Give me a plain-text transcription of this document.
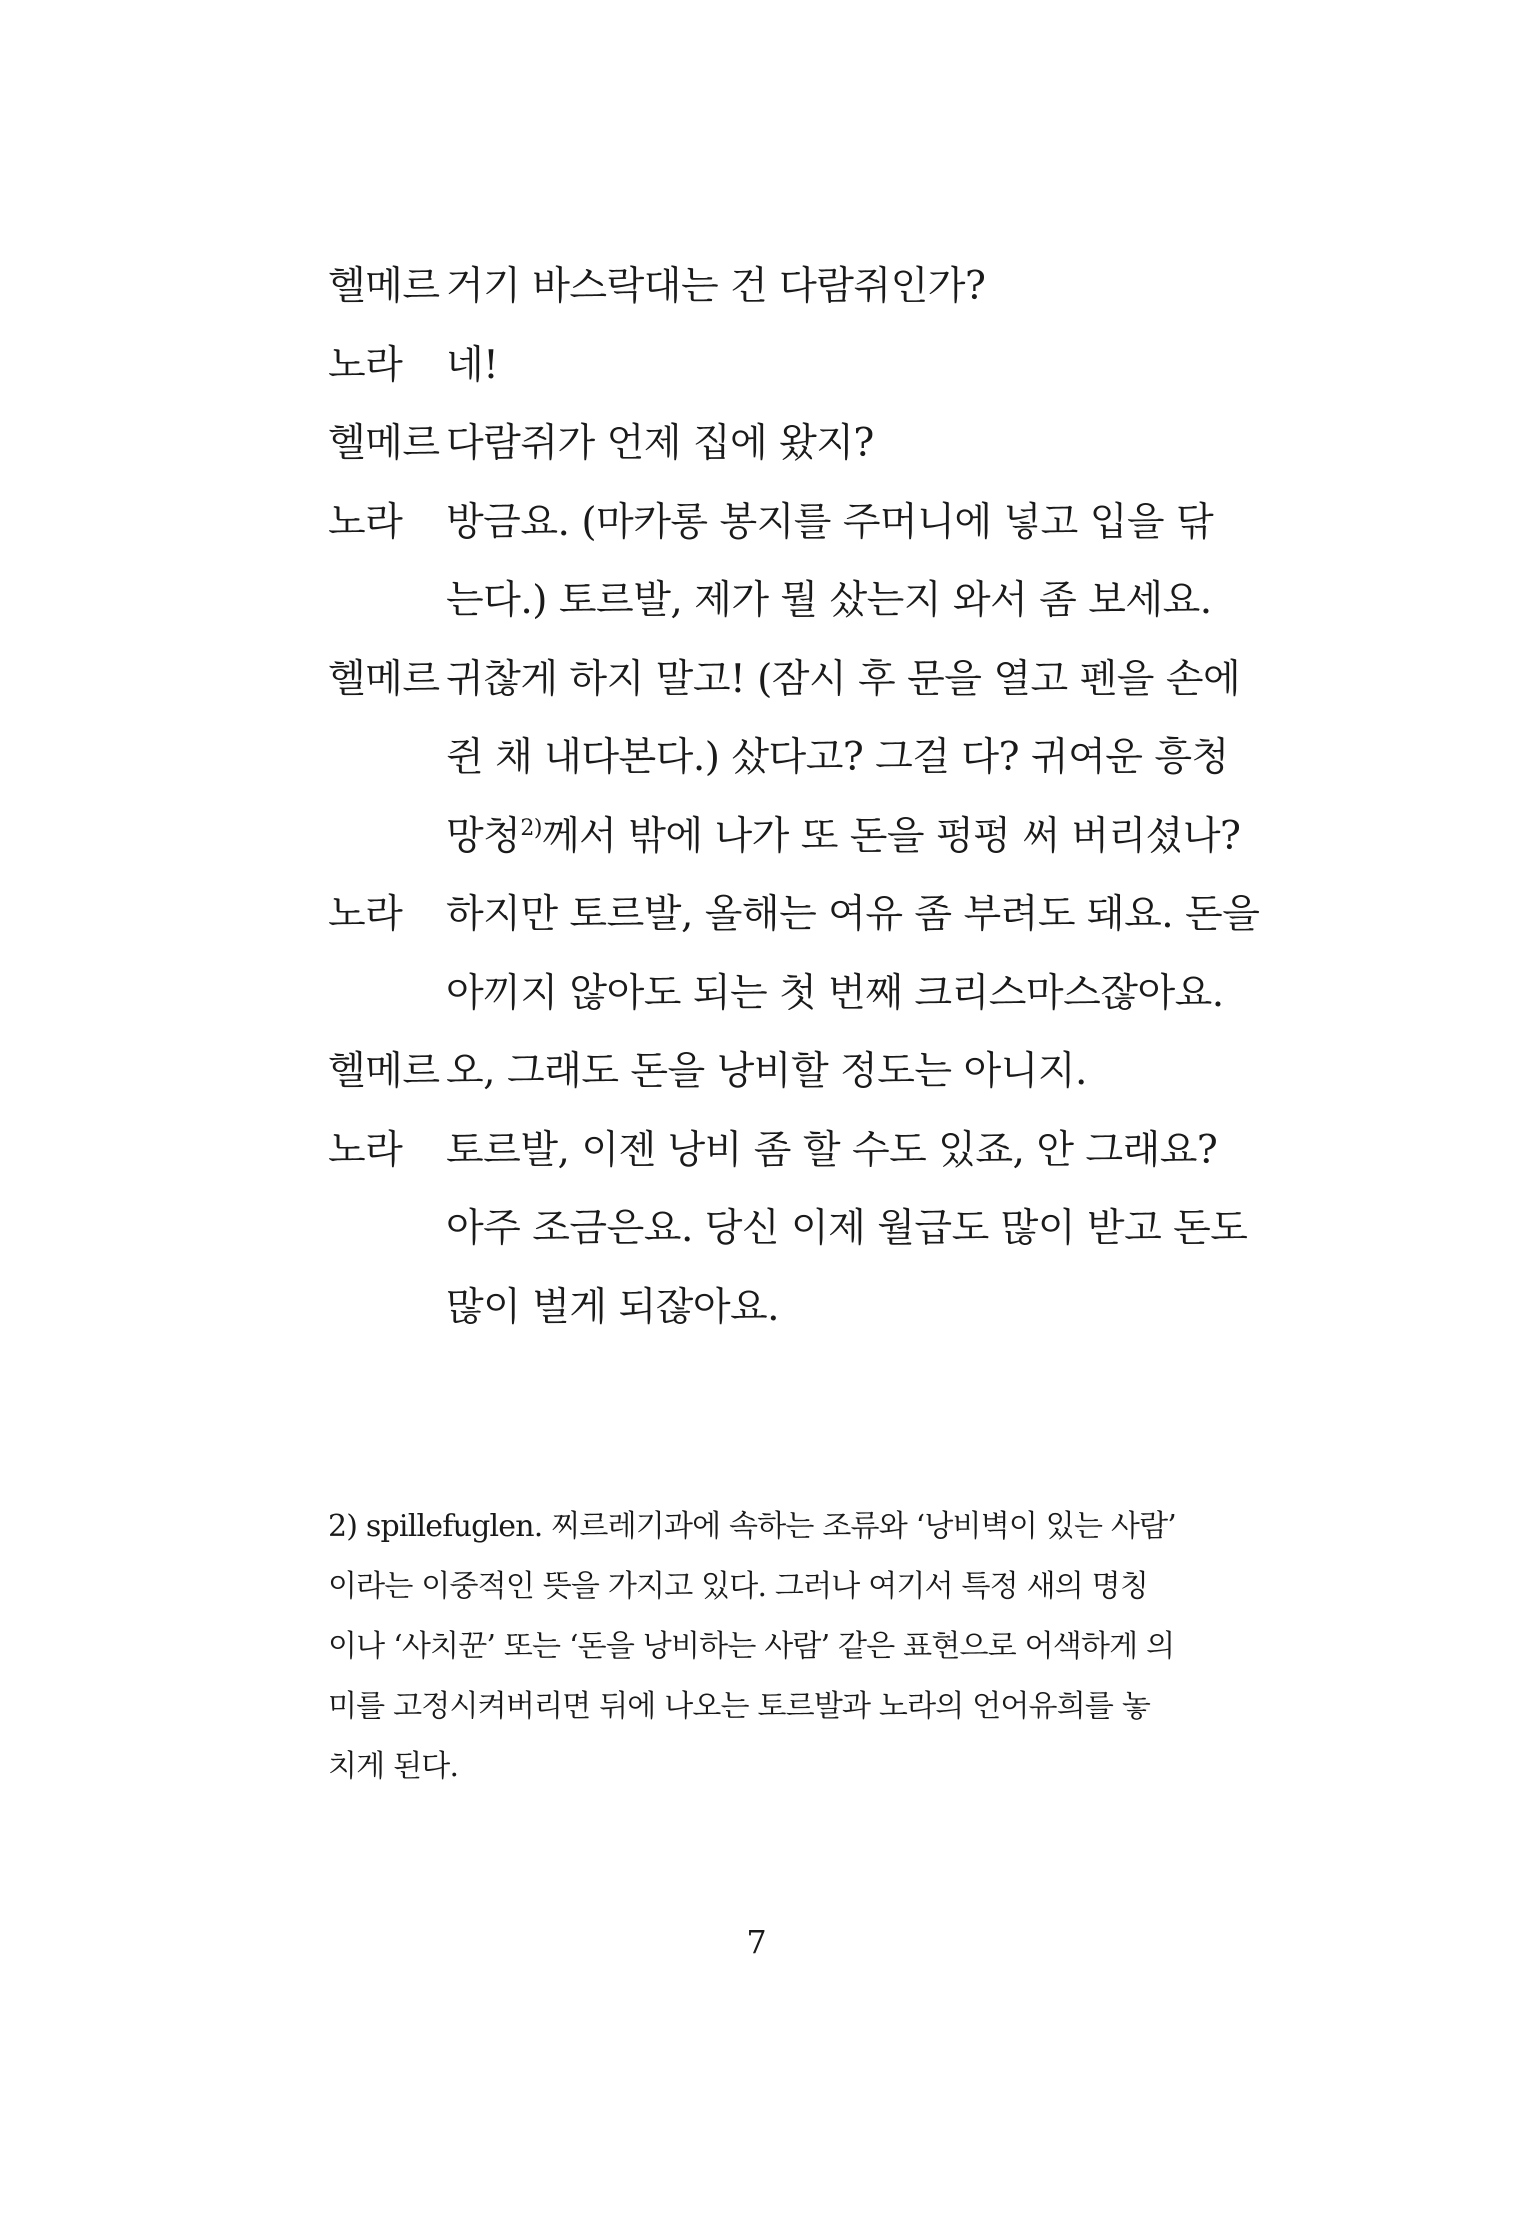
헬메르 거기 바스락대는 건 다람쥐인가?
노라	네!
헬메르 다람쥐가 언제 집에 왔지?
노라	방금요. (마카롱 봉지를 주머니에 넣고 입을 닦
는다.) 토르발, 제가 뭘 샀는지 와서 좀 보세요.
헬메르 귀찮게 하지 말고! (잠시 후 문을 열고 펜을 손에
쥔 채 내다본다.) 샀다고? 그걸 다? 귀여운 흥청
망청$^{2)}$께서 밖에 나가 또 돈을 펑펑 써 버리셨나?
노라	하지만 토르발, 올해는 여유 좀 부려도 돼요. 돈을
아끼지 않아도 되는 첫 번째 크리스마스잖아요.
헬메르 오, 그래도 돈을 낭비할 정도는 아니지.
노라	토르발, 이젠 낭비 좀 할 수도 있죠, 안 그래요?
아주 조금은요. 당신 이제 월급도 많이 받고 돈도
많이 벌게 되잖아요.
2) spillefuglen. 찌르레기과에 속하는 조류와 ‘낭비벽이 있는 사람’
이라는 이중적인 뜻을 가지고 있다. 그러나 여기서 특정 새의 명칭
이나 ‘사치꾼’ 또는 ‘돈을 낭비하는 사람’ 같은 표현으로 어색하게 의
미를 고정시켜버리면 뒤에 나오는 토르발과 노라의 언어유희를 놓
치게 된다.
7
